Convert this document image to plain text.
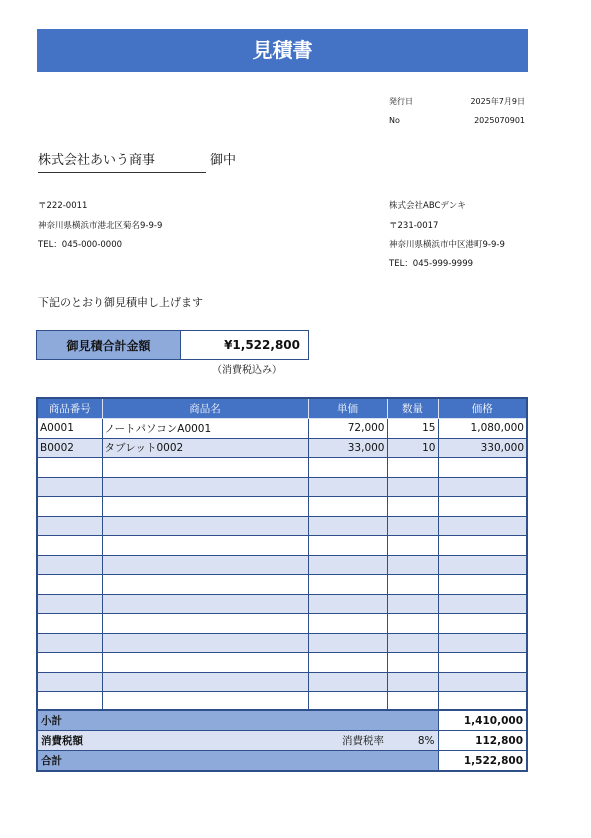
見積書
発行日	2025年7月9日
No	2025070901
株式会社あいう商事	御中
〒222-0011
神奈川県横浜市港北区菊名9-9-9
TEL：045-000-0000
株式会社ABCデンキ
〒231-0017
神奈川県横浜市中区港町9-9-9
TEL：045-999-9999
下記のとおり御見積申し上げます
御見積合計金額	¥1,522,800
（消費税込み）
商品番号	商品名	単価	数量	価格
A0001	ノートパソコンA0001	72,000	15	1,080,000
B0002	タブレット0002	33,000	10	330,000

小計			1,410,000
消費税額	消費税率	8%	112,800
合計			1,522,800
